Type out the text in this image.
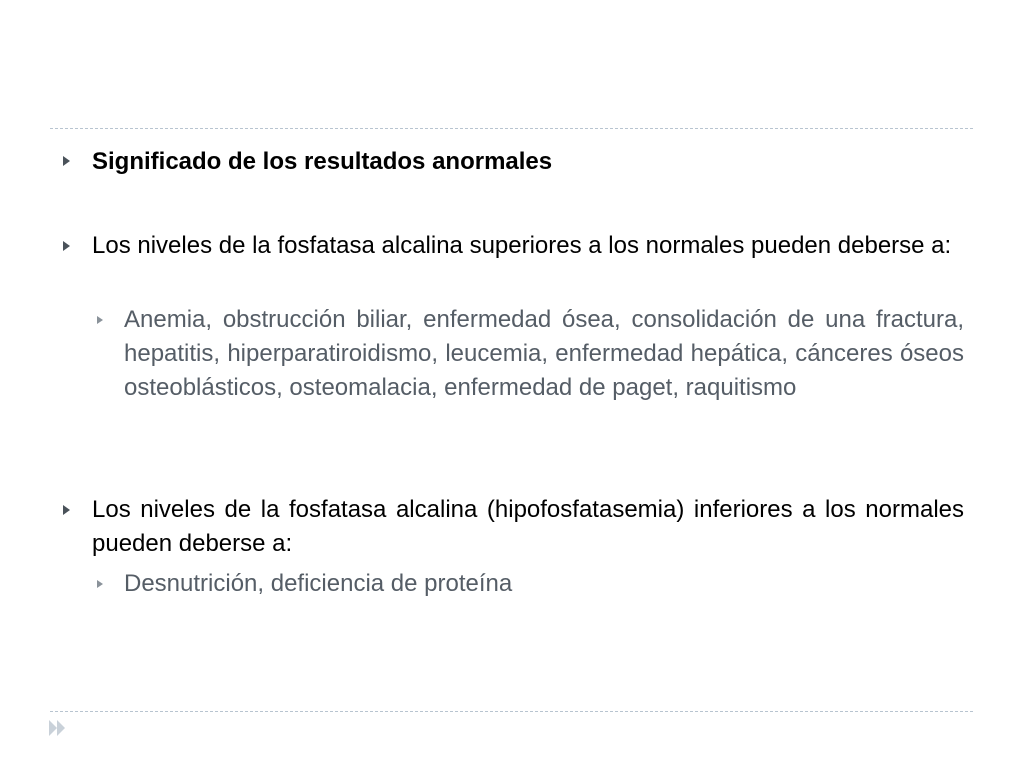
Significado de los resultados anormales
Los niveles de la fosfatasa alcalina superiores a los normales pueden deberse a:
Anemia, obstrucción biliar, enfermedad ósea, consolidación de una fractura, hepatitis, hiperparatiroidismo, leucemia, enfermedad hepática, cánceres óseos osteoblásticos, osteomalacia, enfermedad de paget, raquitismo
Los niveles de la fosfatasa alcalina (hipofosfatasemia) inferiores a los normales pueden deberse a:
Desnutrición, deficiencia de proteína
